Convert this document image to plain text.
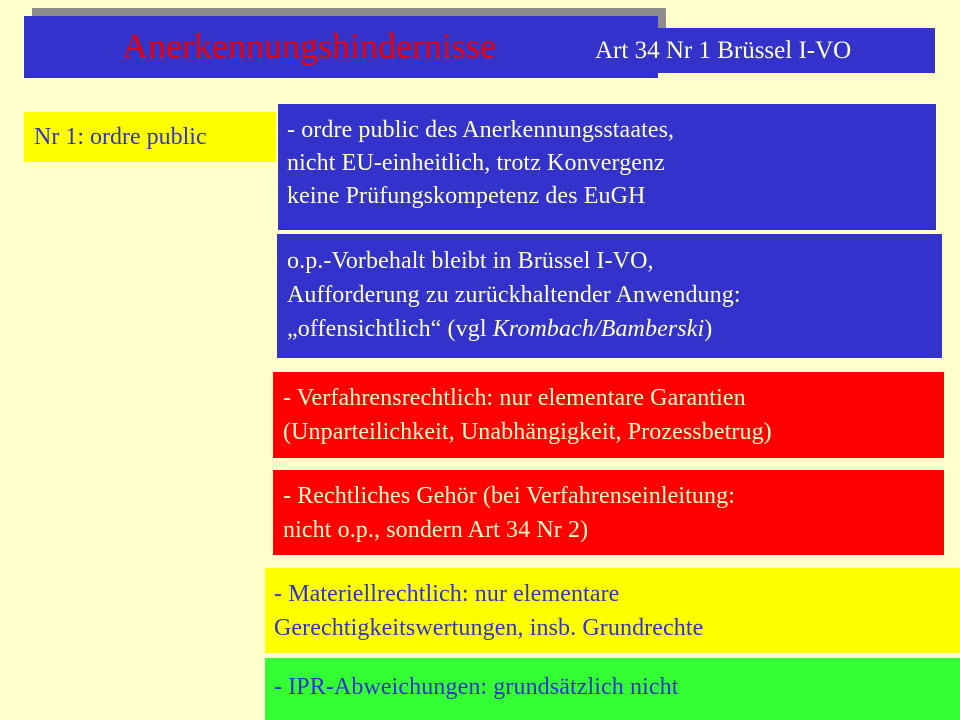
Anerkennungshindernisse	Art 34 Nr 1 Brüssel I-VO
Nr 1: ordre public	- ordre public des Anerkennungsstaates,
nicht EU-einheitlich, trotz Konvergenz
keine Prüfungskompetenz des EuGH
o.p.-Vorbehalt bleibt in Brüssel I-VO,
Aufforderung zu zurückhaltender Anwendung:
„offensichtlich“ (vgl Krombach/Bamberski)
- Verfahrensrechtlich: nur elementare Garantien
(Unparteilichkeit, Unabhängigkeit, Prozessbetrug)
- Rechtliches Gehör (bei Verfahrenseinleitung:
nicht o.p., sondern Art 34 Nr 2)
- Materiellrechtlich: nur elementare
Gerechtigkeitswertungen, insb. Grundrechte
- IPR-Abweichungen: grundsätzlich nicht
